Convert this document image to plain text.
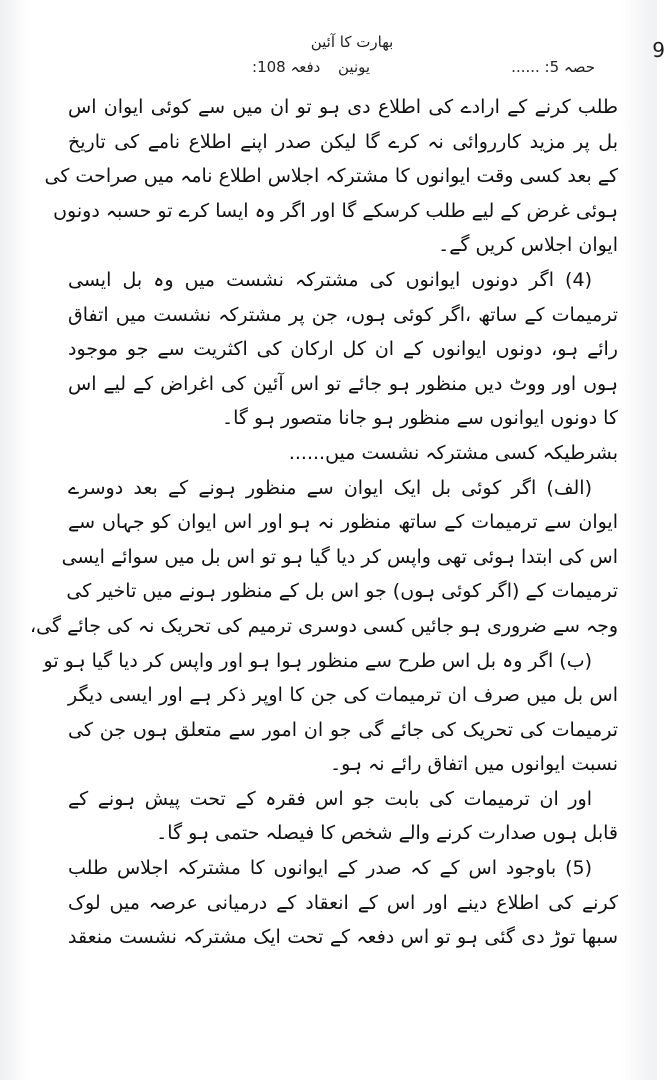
9
بھارت کا آئین
حصہ 5: ......
یونین
دفعہ 108:
طلب کرنے کے ارادے کی اطلاع دی ہو تو ان میں سے کوئی ایوان اس
بل پر مزید کارروائی نہ کرے گا لیکن صدر اپنے اطلاع نامے کی تاریخ
کے بعد کسی وقت ایوانوں کا مشترکہ اجلاس اطلاع نامہ میں صراحت کی
ہوئی غرض کے لیے طلب کرسکے گا اور اگر وہ ایسا کرے تو حسبہ دونوں
ایوان اجلاس کریں گے۔
(4) اگر دونوں ایوانوں کی مشترکہ نشست میں وہ بل ایسی
ترمیمات کے ساتھ ،اگر کوئی ہوں، جن پر مشترکہ نشست میں اتفاق
رائے ہو، دونوں ایوانوں کے ان کل ارکان کی اکثریت سے جو موجود
ہوں اور ووٹ دیں منظور ہو جائے تو اس آئین کی اغراض کے لیے اس
کا دونوں ایوانوں سے منظور ہو جانا متصور ہو گا۔
بشرطیکہ کسی مشترکہ نشست میں......
(الف) اگر کوئی بل ایک ایوان سے منظور ہونے کے بعد دوسرے
ایوان سے ترمیمات کے ساتھ منظور نہ ہو اور اس ایوان کو جہاں سے
اس کی ابتدا ہوئی تھی واپس کر دیا گیا ہو تو اس بل میں سوائے ایسی
ترمیمات کے (اگر کوئی ہوں) جو اس بل کے منظور ہونے میں تاخیر کی
وجہ سے ضروری ہو جائیں کسی دوسری ترمیم کی تحریک نہ کی جائے گی،
(ب) اگر وہ بل اس طرح سے منظور ہوا ہو اور واپس کر دیا گیا ہو تو
اس بل میں صرف ان ترمیمات کی جن کا اوپر ذکر ہے اور ایسی دیگر
ترمیمات کی تحریک کی جائے گی جو ان امور سے متعلق ہوں جن کی
نسبت ایوانوں میں اتفاق رائے نہ ہو۔
اور ان ترمیمات کی بابت جو اس فقرہ کے تحت پیش ہونے کے
قابل ہوں صدارت کرنے والے شخص کا فیصلہ حتمی ہو گا۔
(5) باوجود اس کے کہ صدر کے ایوانوں کا مشترکہ اجلاس طلب
کرنے کی اطلاع دینے اور اس کے انعقاد کے درمیانی عرصہ میں لوک
سبھا توڑ دی گئی ہو تو اس دفعہ کے تحت ایک مشترکہ نشست منعقد
